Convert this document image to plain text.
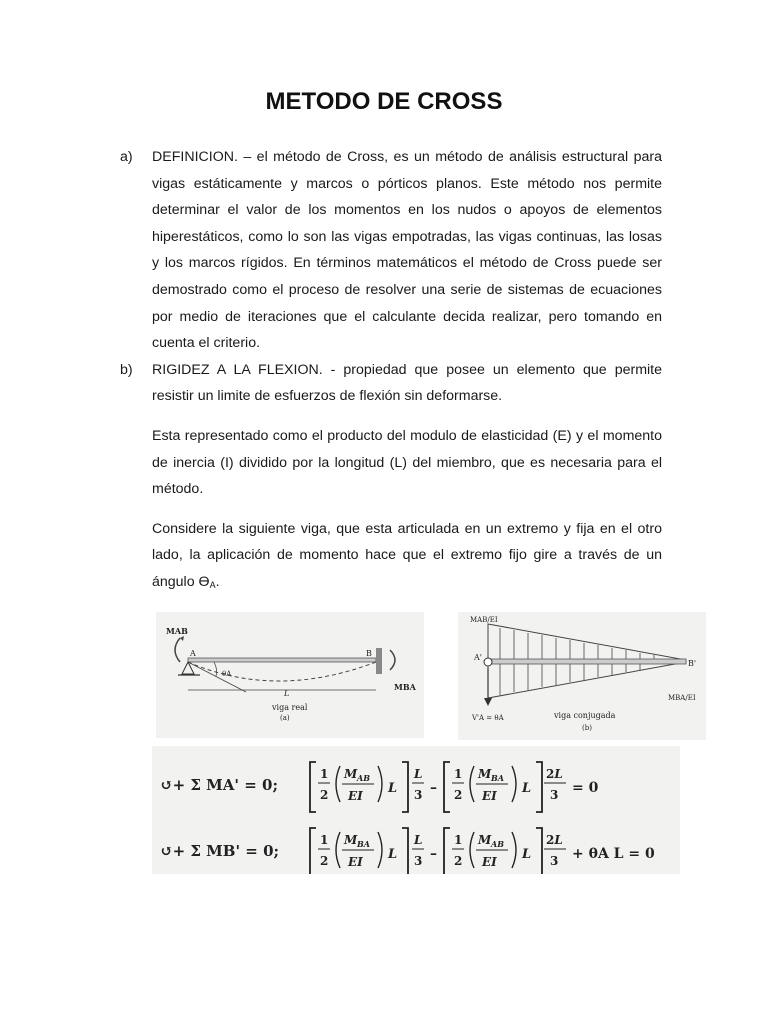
METODO DE CROSS

a) DEFINICION. – el método de Cross, es un método de análisis estructural para vigas estáticamente y marcos o pórticos planos. Este método nos permite determinar el valor de los momentos en los nudos o apoyos de elementos hiperestáticos, como lo son las vigas empotradas, las vigas continuas, las losas y los marcos rígidos. En términos matemáticos el método de Cross puede ser demostrado como el proceso de resolver una serie de sistemas de ecuaciones por medio de iteraciones que el calculante decida realizar, pero tomando en cuenta el criterio.

b) RIGIDEZ A LA FLEXION. - propiedad que posee un elemento que permite resistir un limite de esfuerzos de flexión sin deformarse.

Esta representado como el producto del modulo de elasticidad (E) y el momento de inercia (I) dividido por la longitud (L) del miembro, que es necesaria para el método.

Considere la siguiente viga, que esta articulada en un extremo y fija en el otro lado, la aplicación de momento hace que el extremo fijo gire a través de un ángulo $ϴ_A$.

MAB
A
θA
B
L
MBA
viga real
(a)
MAB/EI
A'
B'
V'A = θA	viga conjugada
(b)
MBA/EI
↺+ Σ MA' = 0;
↺+ Σ MB' = 0;
1
2
M AB
EI L
L
3 –
1
2
M BA
EI L
2L
3 = 0
1
2
M BA
EI L
L
3 –
1
2
M AB
EI L
2L
3 + θA L = 0
